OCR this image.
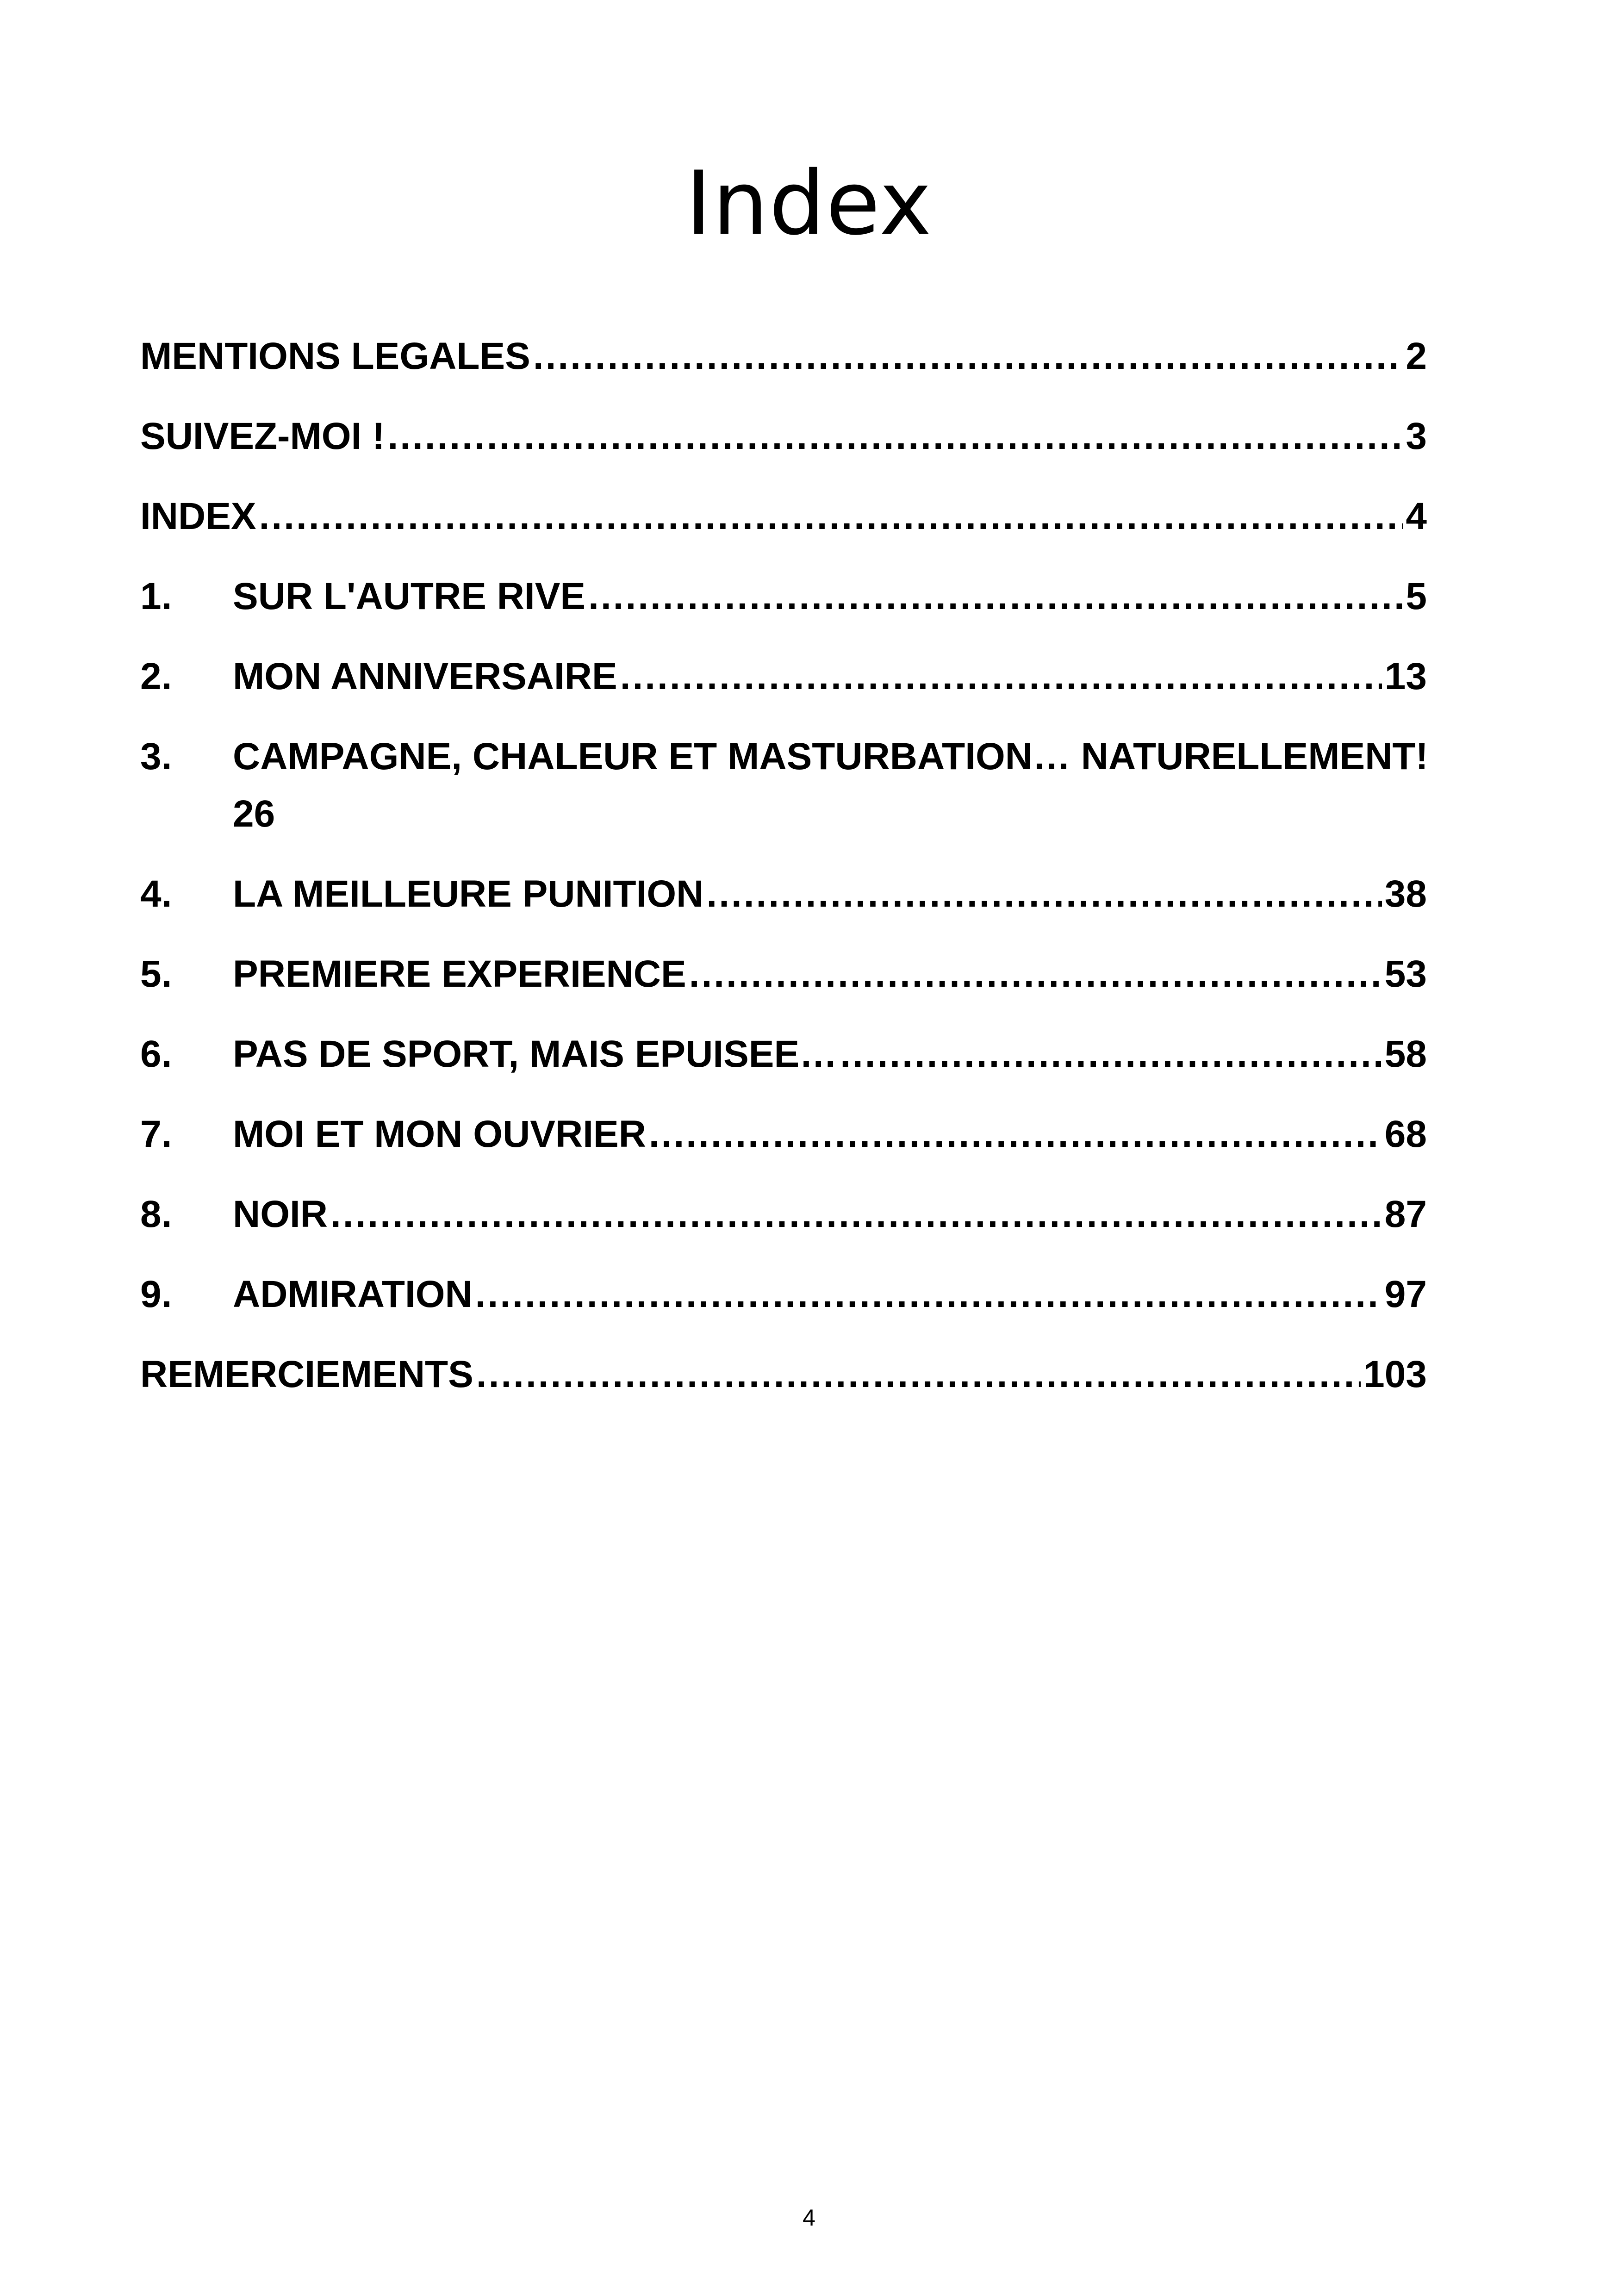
Index
MENTIONS LEGALES .....	2
SUIVEZ-MOI ! .....	3
INDEX .....	4
1.	SUR L'AUTRE RIVE .....	5
2.	MON ANNIVERSAIRE .....	13
3.	CAMPAGNE, CHALEUR ET MASTURBATION… NATURELLEMENT!
26
4.	LA MEILLEURE PUNITION .....	38
5.	PREMIERE EXPERIENCE .....	53
6.	PAS DE SPORT, MAIS EPUISEE… .....	58
7.	MOI ET MON OUVRIER .....	68
8.	NOIR .....	87
9.	ADMIRATION .....	97
REMERCIEMENTS .....	103

4
